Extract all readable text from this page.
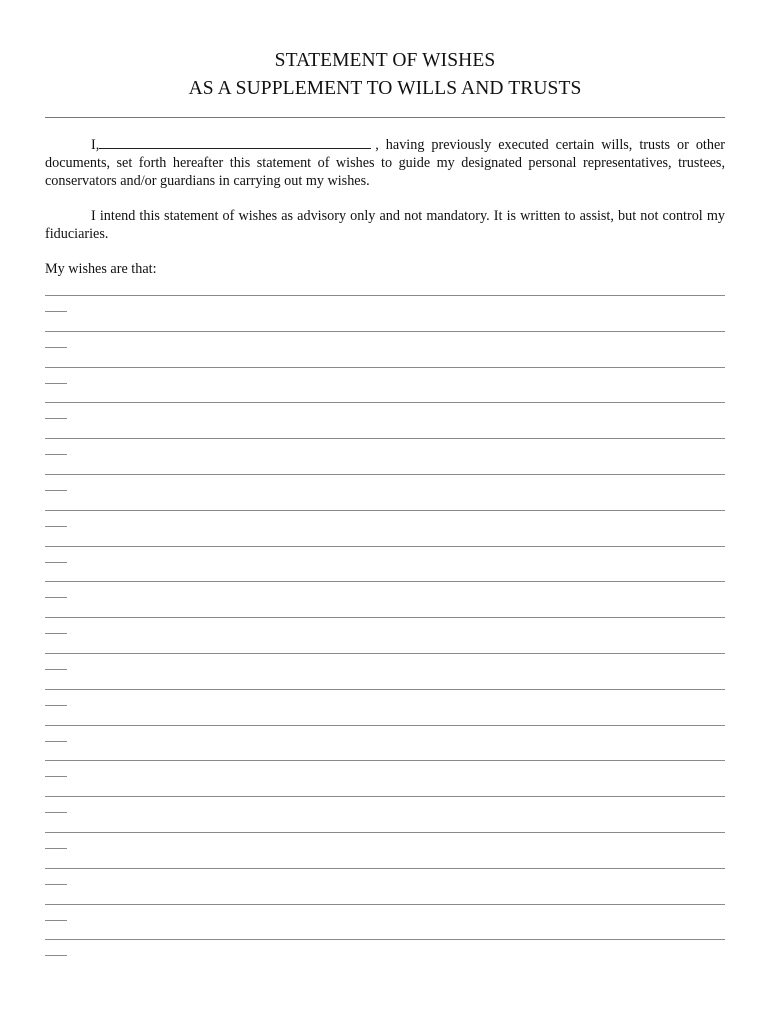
STATEMENT OF WISHES
AS A SUPPLEMENT TO WILLS AND TRUSTS
I,	, having previously executed certain wills, trusts or other documents, set forth hereafter this statement of wishes to guide my designated personal representatives, trustees, conservators and/or guardians in carrying out my wishes.
I intend this statement of wishes as advisory only and not mandatory. It is written to assist, but not control my fiduciaries.
My wishes are that:
